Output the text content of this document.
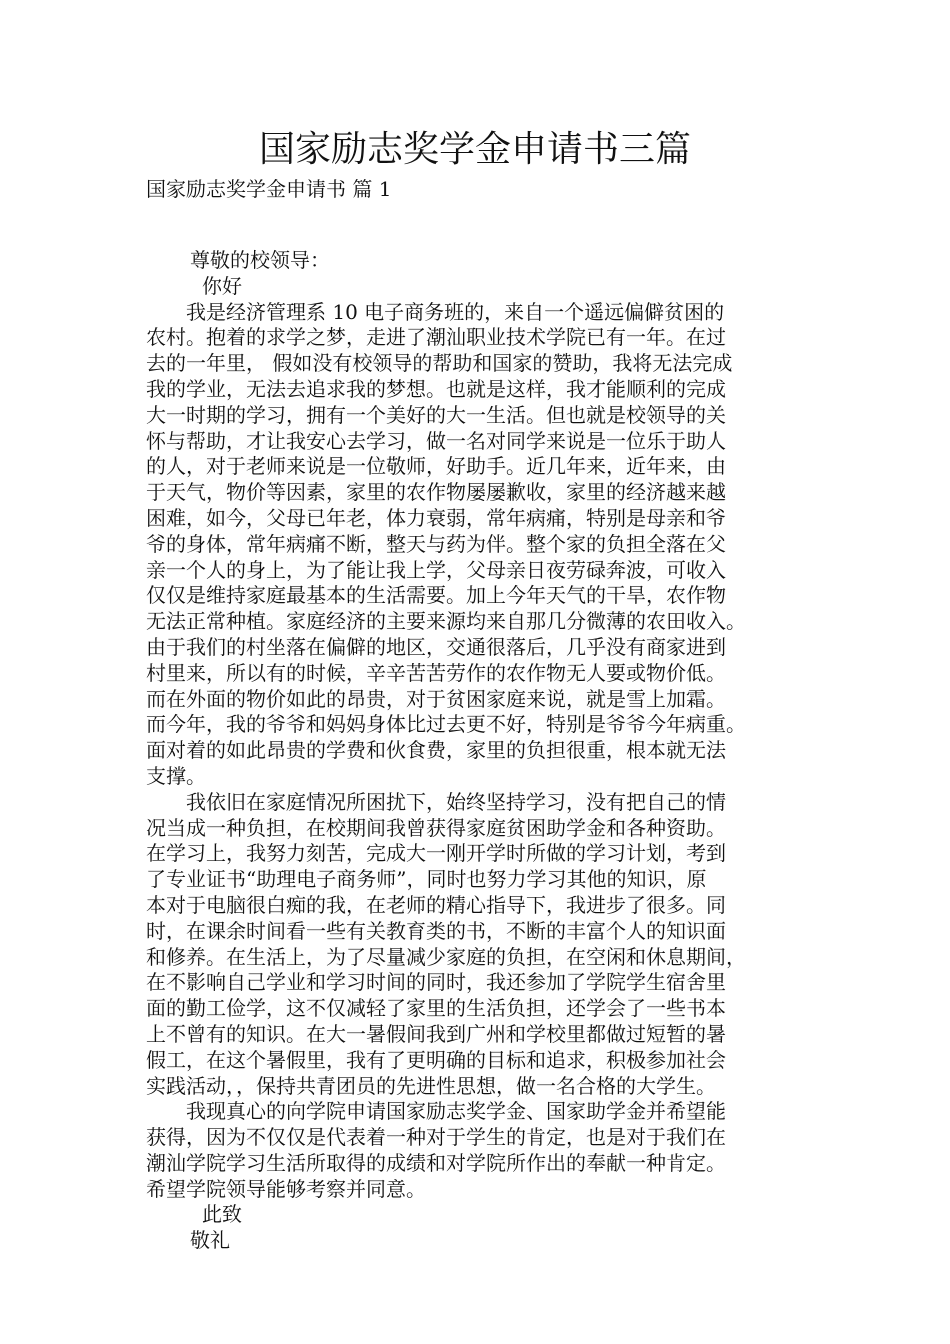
国家励志奖学金申请书三篇
国家励志奖学金申请书 篇 1
尊敬的校领导：
你好
　　我是经济管理系 10 电子商务班的，来自一个遥远偏僻贫困的
农村。抱着的求学之梦，走进了潮汕职业技术学院已有一年。在过
去的一年里， 假如没有校领导的帮助和国家的赞助，我将无法完成
我的学业，无法去追求我的梦想。也就是这样，我才能顺利的完成
大一时期的学习，拥有一个美好的大一生活。但也就是校领导的关
怀与帮助，才让我安心去学习，做一名对同学来说是一位乐于助人
的人，对于老师来说是一位敬师，好助手。近几年来，近年来，由
于天气，物价等因素，家里的农作物屡屡歉收，家里的经济越来越
困难，如今，父母已年老，体力衰弱，常年病痛，特别是母亲和爷
爷的身体，常年病痛不断，整天与药为伴。整个家的负担全落在父
亲一个人的身上，为了能让我上学，父母亲日夜劳碌奔波，可收入
仅仅是维持家庭最基本的生活需要。加上今年天气的干旱，农作物
无法正常种植。家庭经济的主要来源均来自那几分微薄的农田收入。
由于我们的村坐落在偏僻的地区，交通很落后，几乎没有商家进到
村里来，所以有的时候，辛辛苦苦劳作的农作物无人要或物价低。
而在外面的物价如此的昂贵，对于贫困家庭来说，就是雪上加霜。
而今年，我的爷爷和妈妈身体比过去更不好，特别是爷爷今年病重。
面对着的如此昂贵的学费和伙食费，家里的负担很重，根本就无法
支撑。
　　我依旧在家庭情况所困扰下，始终坚持学习，没有把自己的情
况当成一种负担，在校期间我曾获得家庭贫困助学金和各种资助。
在学习上，我努力刻苦，完成大一刚开学时所做的学习计划，考到
了专业证书“助理电子商务师”，同时也努力学习其他的知识，原
本对于电脑很白痴的我，在老师的精心指导下，我进步了很多。同
时，在课余时间看一些有关教育类的书，不断的丰富个人的知识面
和修养。在生活上，为了尽量减少家庭的负担，在空闲和休息期间，
在不影响自己学业和学习时间的同时，我还参加了学院学生宿舍里
面的勤工俭学，这不仅减轻了家里的生活负担，还学会了一些书本
上不曾有的知识。在大一暑假间我到广州和学校里都做过短暂的暑
假工，在这个暑假里，我有了更明确的目标和追求，积极参加社会
实践活动，，保持共青团员的先进性思想，做一名合格的大学生。
　　我现真心的向学院申请国家励志奖学金、国家助学金并希望能
获得，因为不仅仅是代表着一种对于学生的肯定，也是对于我们在
潮汕学院学习生活所取得的成绩和对学院所作出的奉献一种肯定。
希望学院领导能够考察并同意。
此致
敬礼
